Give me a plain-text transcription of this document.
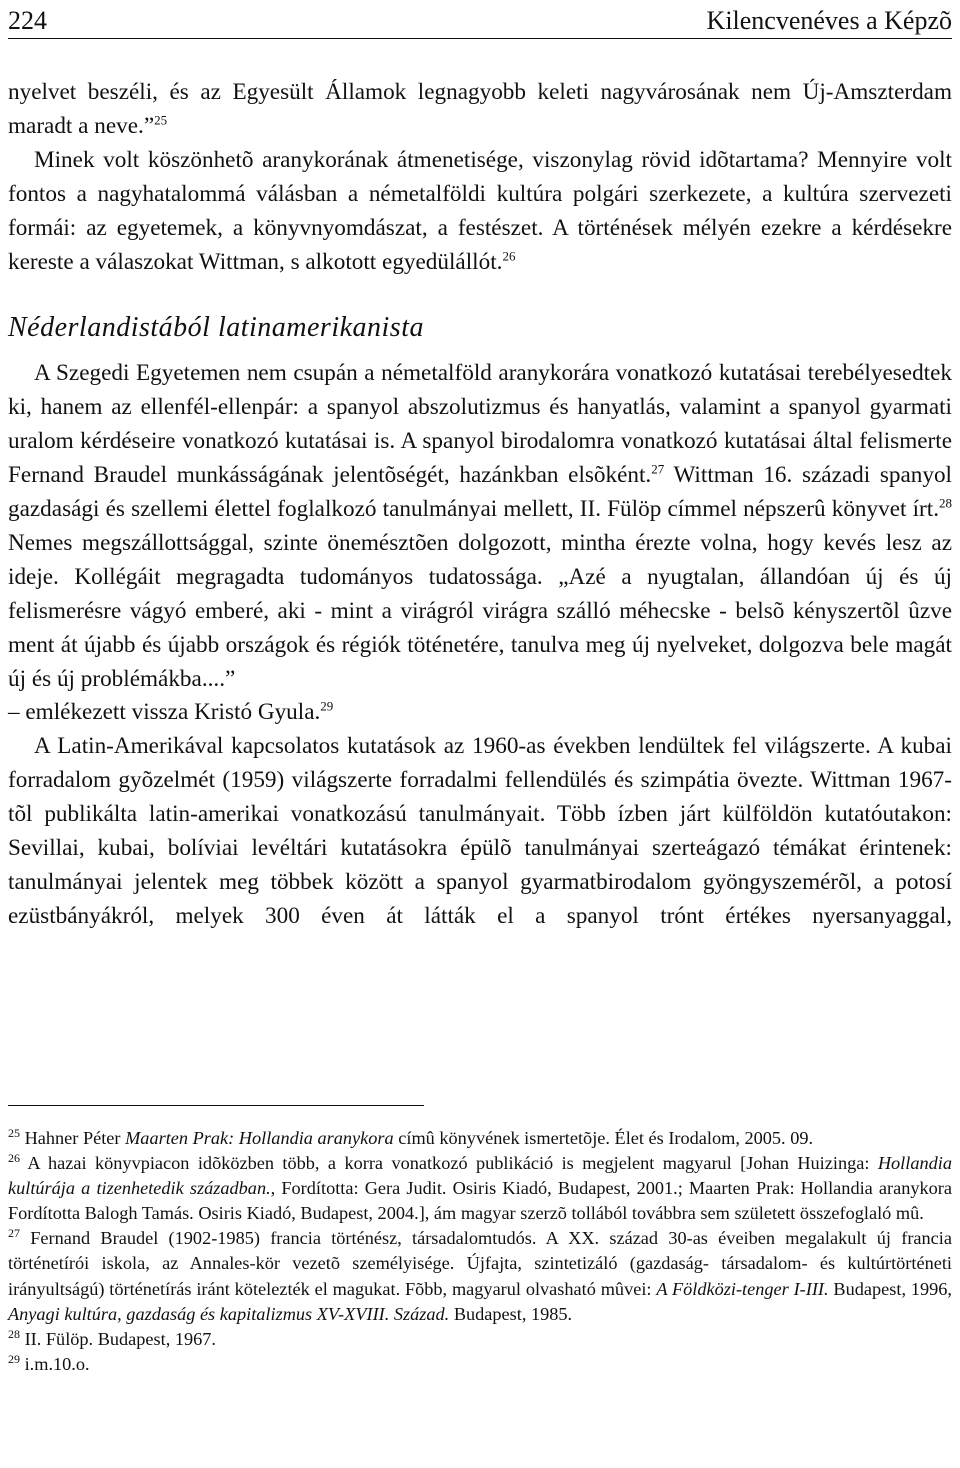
224	Kilencvenéves a Képzõ

nyelvet beszéli, és az Egyesült Államok legnagyobb keleti nagyvárosának nem Új-Amszterdam maradt a neve.”$^{25}$

Minek volt köszönhetõ aranykorának átmenetisége, viszonylag rövid idõtartama? Mennyire volt fontos a nagyhatalommá válásban a németalföldi kultúra polgári szerkezete, a kultúra szervezeti formái: az egyetemek, a könyvnyomdászat, a festészet. A történések mélyén ezekre a kérdésekre kereste a válaszokat Wittman, s alkotott egyedülállót.$^{26}$

Néderlandistából latinamerikanista

A Szegedi Egyetemen nem csupán a németalföld aranykorára vonatkozó kutatásai terebélyesedtek ki, hanem az ellenfél-ellenpár: a spanyol abszolutizmus és hanyatlás, valamint a spanyol gyarmati uralom kérdéseire vonatkozó kutatásai is. A spanyol birodalomra vonatkozó kutatásai által felismerte Fernand Braudel munkásságának jelentõségét, hazánkban elsõként.$^{27}$ Wittman 16. századi spanyol gazdasági és szellemi élettel foglalkozó tanulmányai mellett, II. Fülöp címmel népszerû könyvet írt.$^{28}$ Nemes megszállottsággal, szinte önemésztõen dolgozott, mintha érezte volna, hogy kevés lesz az ideje. Kollégáit megragadta tudományos tudatossága. „Azé a nyugtalan, állandóan új és új felismerésre vágyó emberé, aki - mint a virágról virágra szálló méhecske - belsõ kényszertõl ûzve ment át újabb és újabb országok és régiók töténetére, tanulva meg új nyelveket, dolgozva bele magát új és új problémákba....”

– emlékezett vissza Kristó Gyula.$^{29}$

A Latin-Amerikával kapcsolatos kutatások az 1960-as években lendültek fel világszerte. A kubai forradalom gyõzelmét (1959) világszerte forradalmi fellendülés és szimpátia övezte. Wittman 1967-tõl publikálta latin-amerikai vonatkozású tanulmányait. Több ízben járt külföldön kutatóutakon: Sevillai, kubai, bolíviai levéltári kutatásokra épülõ tanulmányai szerteágazó témákat érintenek: tanulmányai jelentek meg többek között a spanyol gyarmatbirodalom gyöngyszemérõl, a potosí ezüstbányákról, melyek 300 éven át látták el a spanyol trónt értékes nyersanyaggal,

$^{25}$ Hahner Péter Maarten Prak: Hollandia aranykora címû könyvének ismertetõje. Élet és Irodalom, 2005. 09.

$^{26}$ A hazai könyvpiacon idõközben több, a korra vonatkozó publikáció is megjelent magyarul [Johan Huizinga: Hollandia kultúrája a tizenhetedik században., Fordította: Gera Judit. Osiris Kiadó, Budapest, 2001.; Maarten Prak: Hollandia aranykora Fordította Balogh Tamás. Osiris Kiadó, Budapest, 2004.], ám magyar szerzõ tollából továbbra sem született összefoglaló mû.

$^{27}$ Fernand Braudel (1902-1985) francia történész, társadalomtudós. A XX. század 30-as éveiben megalakult új francia történetírói iskola, az Annales-kör vezetõ személyisége. Újfajta, szintetizáló (gazdaság- társadalom- és kultúrtörténeti irányultságú) történetírás iránt kötelezték el magukat. Fõbb, magyarul olvasható mûvei: A Földközi-tenger I-III. Budapest, 1996, Anyagi kultúra, gazdaság és kapitalizmus XV-XVIII. Század. Budapest, 1985.

$^{28}$ II. Fülöp. Budapest, 1967.

$^{29}$ i.m.10.o.
